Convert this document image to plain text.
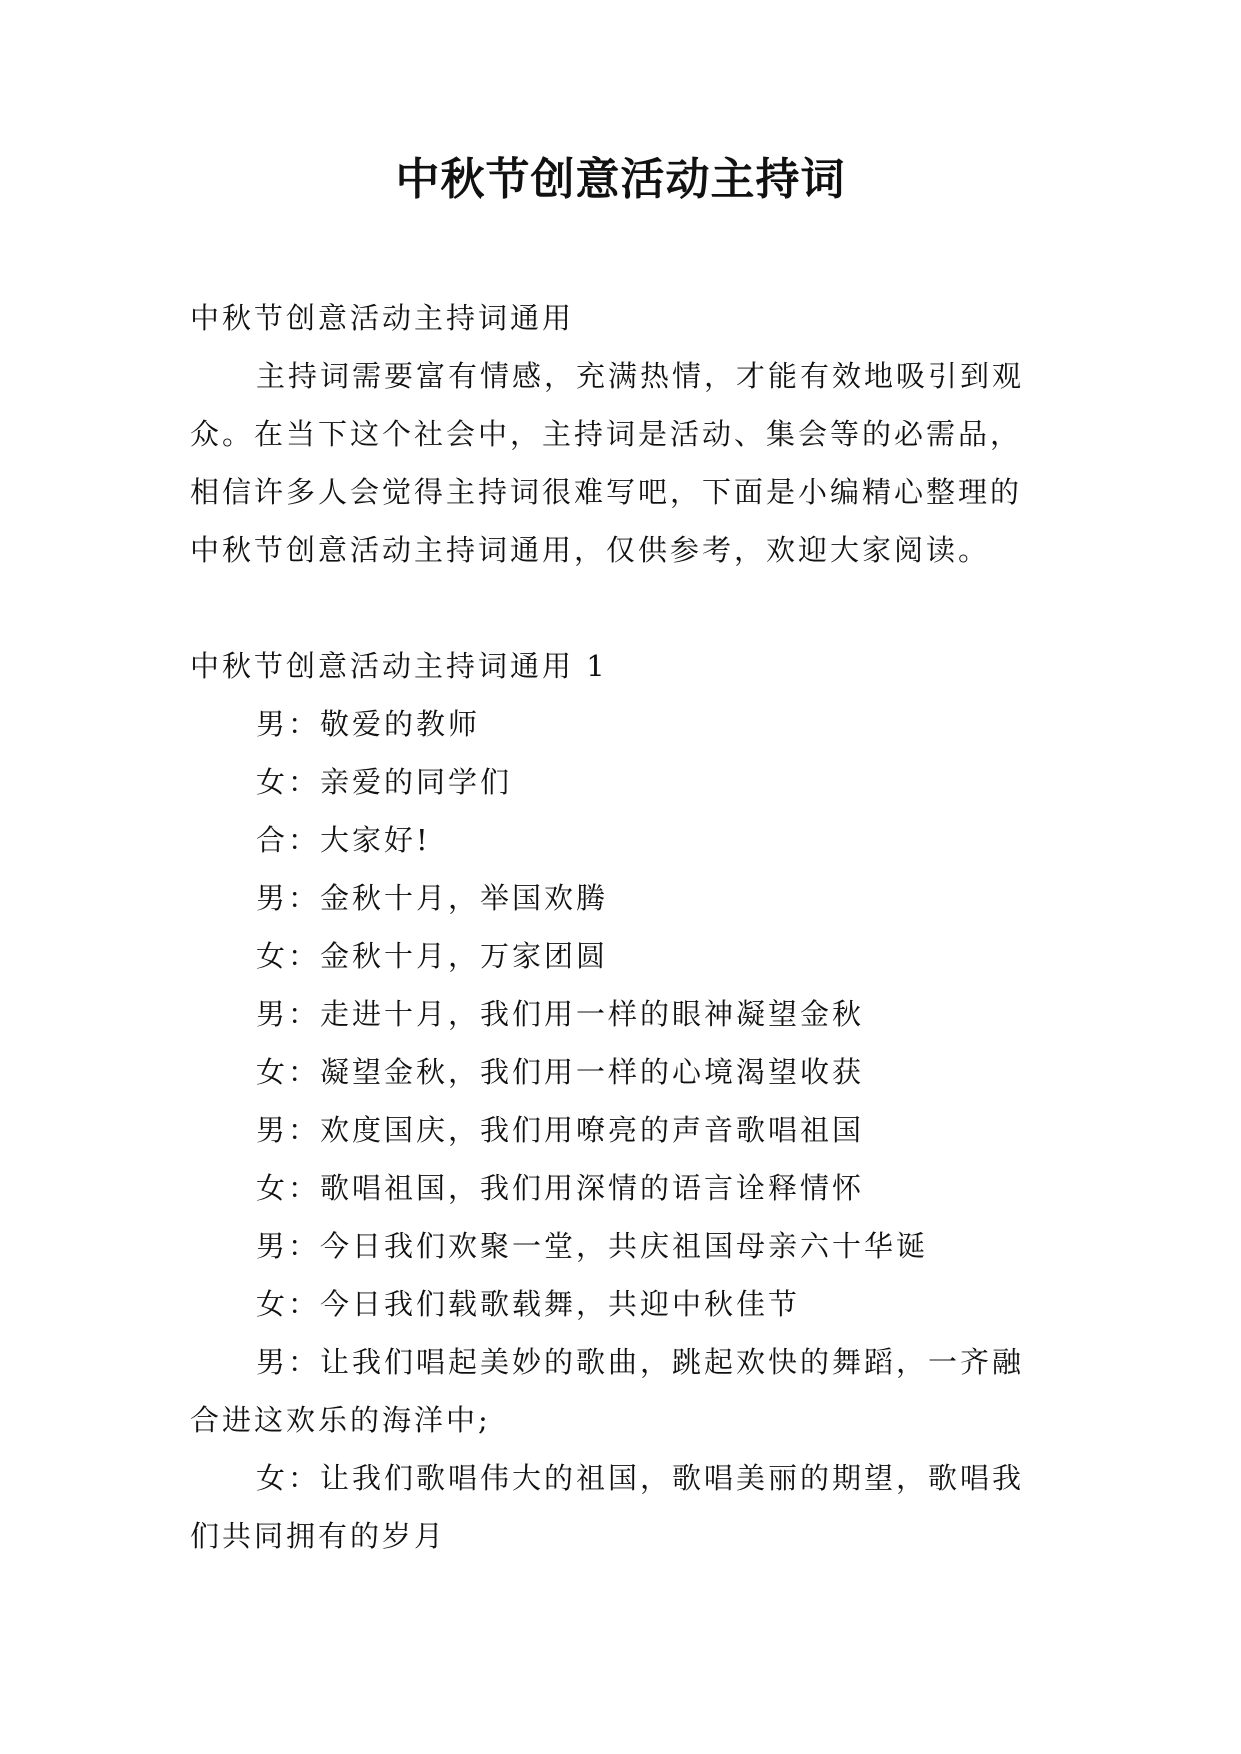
中秋节创意活动主持词
中秋节创意活动主持词通用
主持词需要富有情感，充满热情，才能有效地吸引到观
众。在当下这个社会中，主持词是活动、集会等的必需品，
相信许多人会觉得主持词很难写吧，下面是小编精心整理的
中秋节创意活动主持词通用，仅供参考，欢迎大家阅读。
中秋节创意活动主持词通用 1
男：敬爱的教师
女：亲爱的同学们
合：大家好!
男：金秋十月，举国欢腾
女：金秋十月，万家团圆
男：走进十月，我们用一样的眼神凝望金秋
女：凝望金秋，我们用一样的心境渴望收获
男：欢度国庆，我们用嘹亮的声音歌唱祖国
女：歌唱祖国，我们用深情的语言诠释情怀
男：今日我们欢聚一堂，共庆祖国母亲六十华诞
女：今日我们载歌载舞，共迎中秋佳节
男：让我们唱起美妙的歌曲，跳起欢快的舞蹈，一齐融
合进这欢乐的海洋中;
女：让我们歌唱伟大的祖国，歌唱美丽的期望，歌唱我
们共同拥有的岁月
